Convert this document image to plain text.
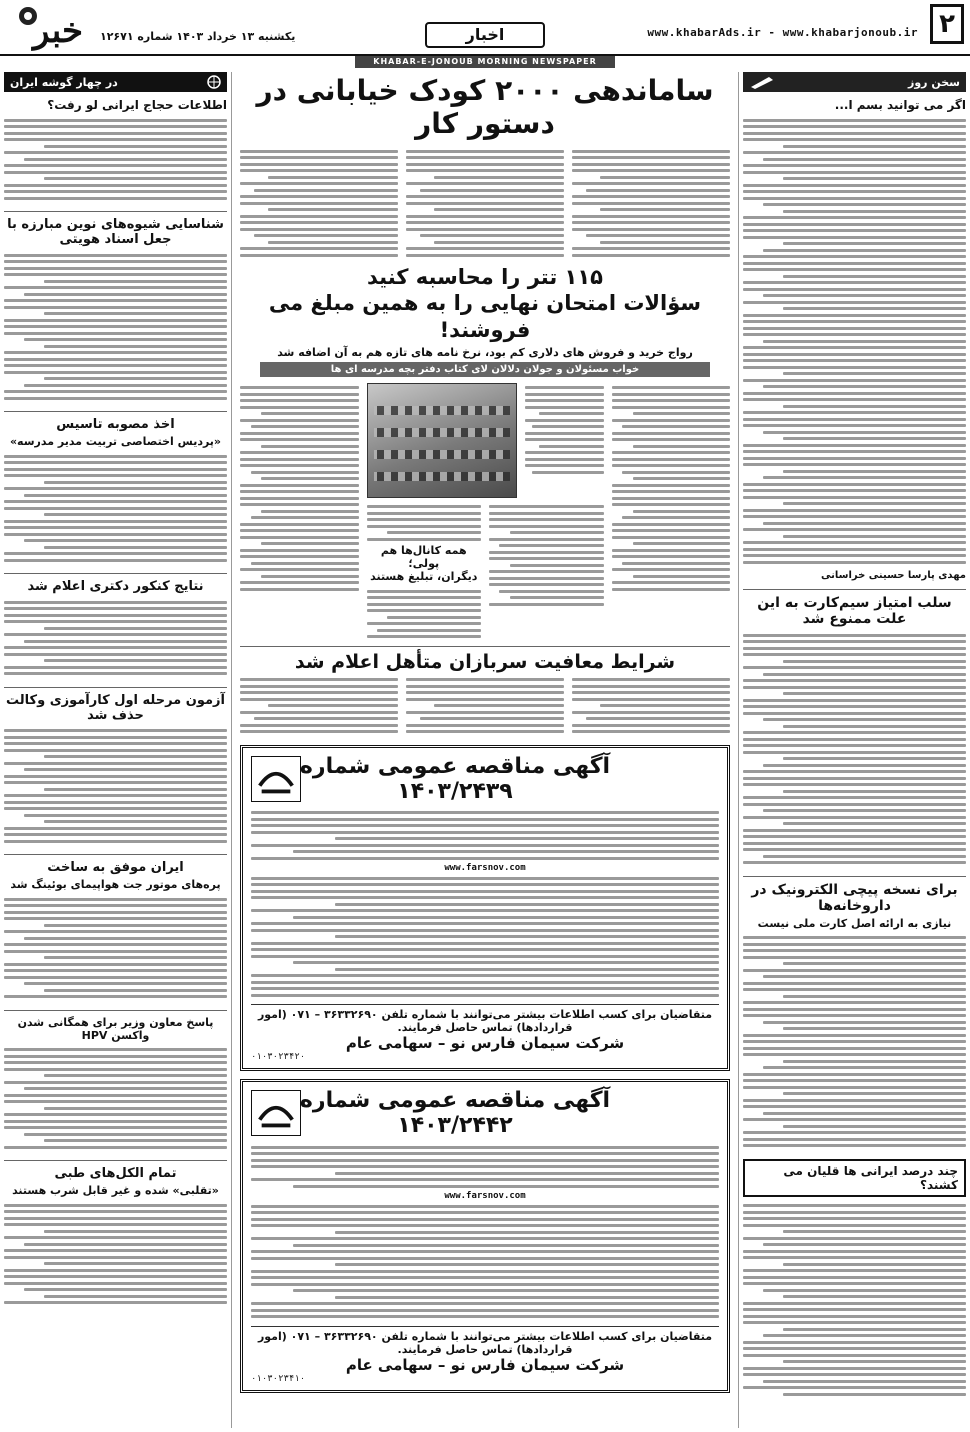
۲
www.khabarAds.ir - www.khabarjonoub.ir
اخبار
یکشنبه ۱۳ خرداد ۱۴۰۳ شماره ۱۲۶۷۱
خبر
KHABAR-E-JONOUB MORNING NEWSPAPER
سخن روز
اگر می توانید بسم ا...
مهدی پارسا حسینی خراسانی
سلب امتیاز سیم‌کارت به این علت ممنوع شد
برای نسخه پیچی الکترونیک در داروخانه‌ها
نیازی به ارائه اصل کارت ملی نیست
چند درصد ایرانی ها قلیان می کشند؟
در چهار گوشه ایران
اطلاعات حجاج ایرانی لو رفت؟
شناسایی شیوه‌های نوین مبارزه با جعل اسناد هویتی
اخذ مصوبه تاسیس
«پردیس اختصاصی تربیت مدیر مدرسه»
نتایج کنکور دکتری اعلام شد
آزمون مرحله اول کارآموزی وکالت حذف شد
ایران موفق به ساخت
پره‌های موتور جت هواپیمای بوئینگ شد
پاسخ معاون وزیر برای همگانی شدن واکسن HPV
تمام الکل‌های طبی
«تقلبی» شده و غیر قابل شرب هستند
ساماندهی ۲۰۰۰ کودک خیابانی در دستور کار
۱۱۵ تتر را محاسبه کنید
سؤالات امتحان نهایی را به همین مبلغ می فروشند!
رواج خرید و فروش های دلاری کم بود، نرخ نامه های تازه هم به آن اضافه شد
خواب مسئولان و جولان دلالان لای کتاب دفتر بچه مدرسه ای ها
همه کانال‌ها هم پولی؛
دیگران، تبلیغ هستند
شرایط معافیت سربازان متأهل اعلام شد
آگهی مناقصه عمومی شماره ۱۴۰۳/۲۴۳۹
www.farsnov.com
متقاضیان برای کسب اطلاعات بیشتر می‌توانند با شماره تلفن ۳۶۳۳۲۶۹۰ – ۰۷۱ (امور قراردادها) تماس حاصل فرمایند.
شرکت سیمان فارس نو – سهامی عام
۰۱۰۳۰۲۳۴۲۰
آگهی مناقصه عمومی شماره ۱۴۰۳/۲۴۴۲
www.farsnov.com
متقاضیان برای کسب اطلاعات بیشتر می‌توانند با شماره تلفن ۳۶۳۳۲۶۹۰ – ۰۷۱ (امور قراردادها) تماس حاصل فرمایند.
شرکت سیمان فارس نو – سهامی عام
۰۱۰۳۰۲۳۴۱۰
